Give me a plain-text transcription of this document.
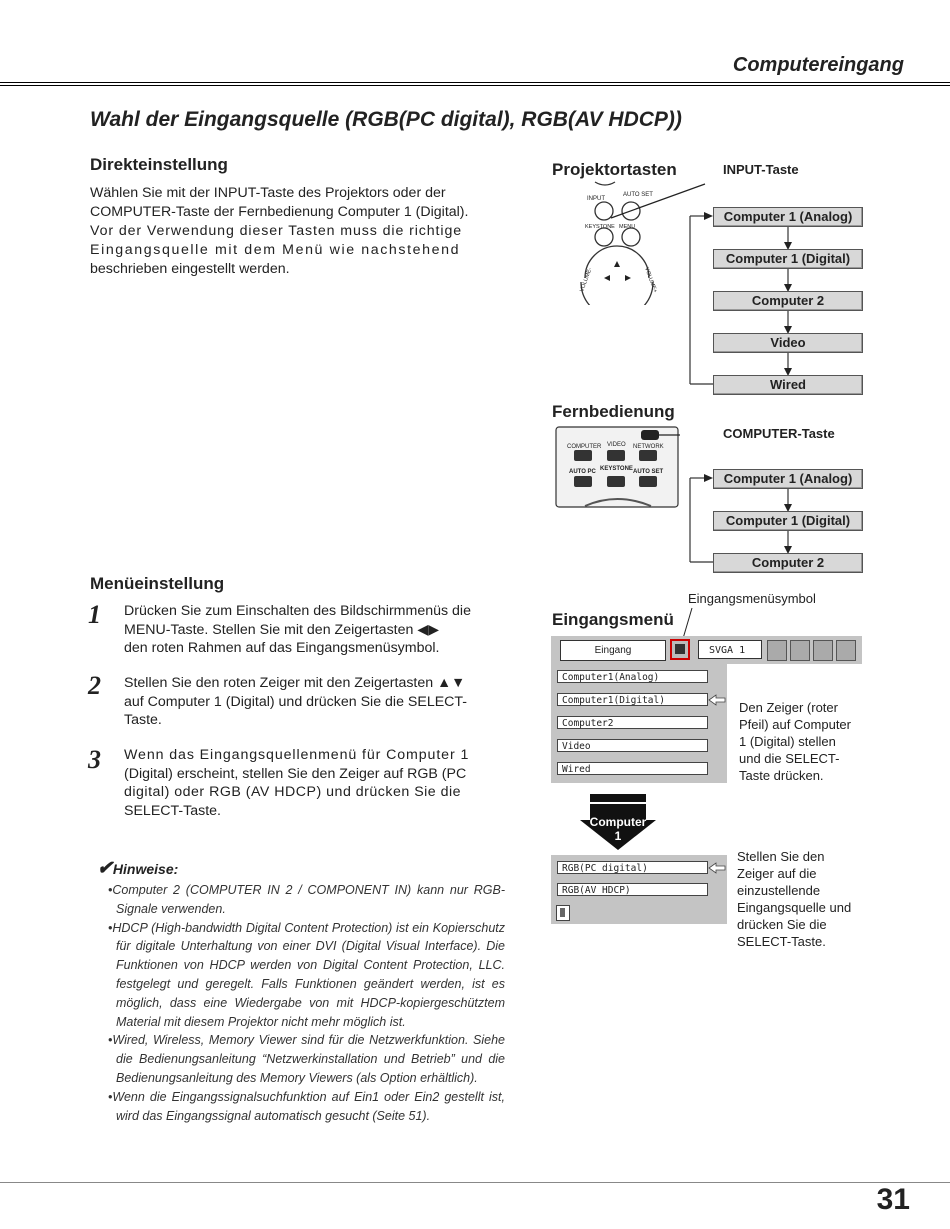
Computereingang
Wahl der Eingangsquelle (RGB(PC digital), RGB(AV HDCP))
Direkteinstellung
Wählen Sie mit der INPUT-Taste des Projektors oder der
COMPUTER-Taste der Fernbedienung Computer 1 (Digital).
Vor der Verwendung dieser Tasten muss die richtige
Eingangsquelle mit dem Menü wie nachstehend
beschrieben eingestellt werden.
Projektortasten	INPUT-Taste
INPUT
AUTO SET
KEYSTONE MENU
VOLUME-	VOLUME+
Computer 1 (Analog)
Computer 1 (Digital)
Computer 2
Video
Wired
Fernbedienung
COMPUTER-Taste
COMPUTER VIDEO NETWORK
AUTO PC KEYSTONE AUTO SET	Computer 1 (Analog)
Computer 1 (Digital)
Computer 2
Menüeinstellung
1 Drücken Sie zum Einschalten des Bildschirmmenüs die
MENU-Taste. Stellen Sie mit den Zeigertasten ◀▶
den roten Rahmen auf das Eingangsmenüsymbol.
2 Stellen Sie den roten Zeiger mit den Zeigertasten ▲▼
auf Computer 1 (Digital) und drücken Sie die SELECT-
Taste.
3 Wenn das Eingangsquellenmenü für Computer 1
(Digital) erscheint, stellen Sie den Zeiger auf RGB (PC
digital) oder RGB (AV HDCP) und drücken Sie die
SELECT-Taste.
Eingangsmenüsymbol
Eingangsmenü
Eingang	SVGA 1
Computer1(Analog)
Computer1(Digital)
Computer2
Video
Wired
Den Zeiger (roter
Pfeil) auf Computer
1 (Digital) stellen
und die SELECT-
Taste drücken.
Computer
1
RGB(PC digital)
RGB(AV HDCP)
Stellen Sie den
Zeiger auf die
einzustellende
Eingangsquelle und
drücken Sie die
SELECT-Taste.
✔Hinweise:
•Computer 2 (COMPUTER IN 2 / COMPONENT IN) kann nur RGB-Signale verwenden.
•HDCP (High-bandwidth Digital Content Protection) ist ein Kopierschutz für digitale Unterhaltung von einer DVI (Digital Visual Interface). Die Funktionen von HDCP werden von Digital Content Protection, LLC. festgelegt und geregelt. Falls Funktionen geändert werden, ist es möglich, dass eine Wiedergabe von mit HDCP-kopiergeschütztem Material mit diesem Projektor nicht mehr möglich ist.
•Wired, Wireless, Memory Viewer sind für die Netzwerkfunktion. Siehe die Bedienungsanleitung “Netzwerkinstallation und Betrieb” und die Bedienungsanleitung des Memory Viewers (als Option erhältlich).
•Wenn die Eingangssignalsuchfunktion auf Ein1 oder Ein2 gestellt ist, wird das Eingangssignal automatisch gesucht (Seite 51).
31
